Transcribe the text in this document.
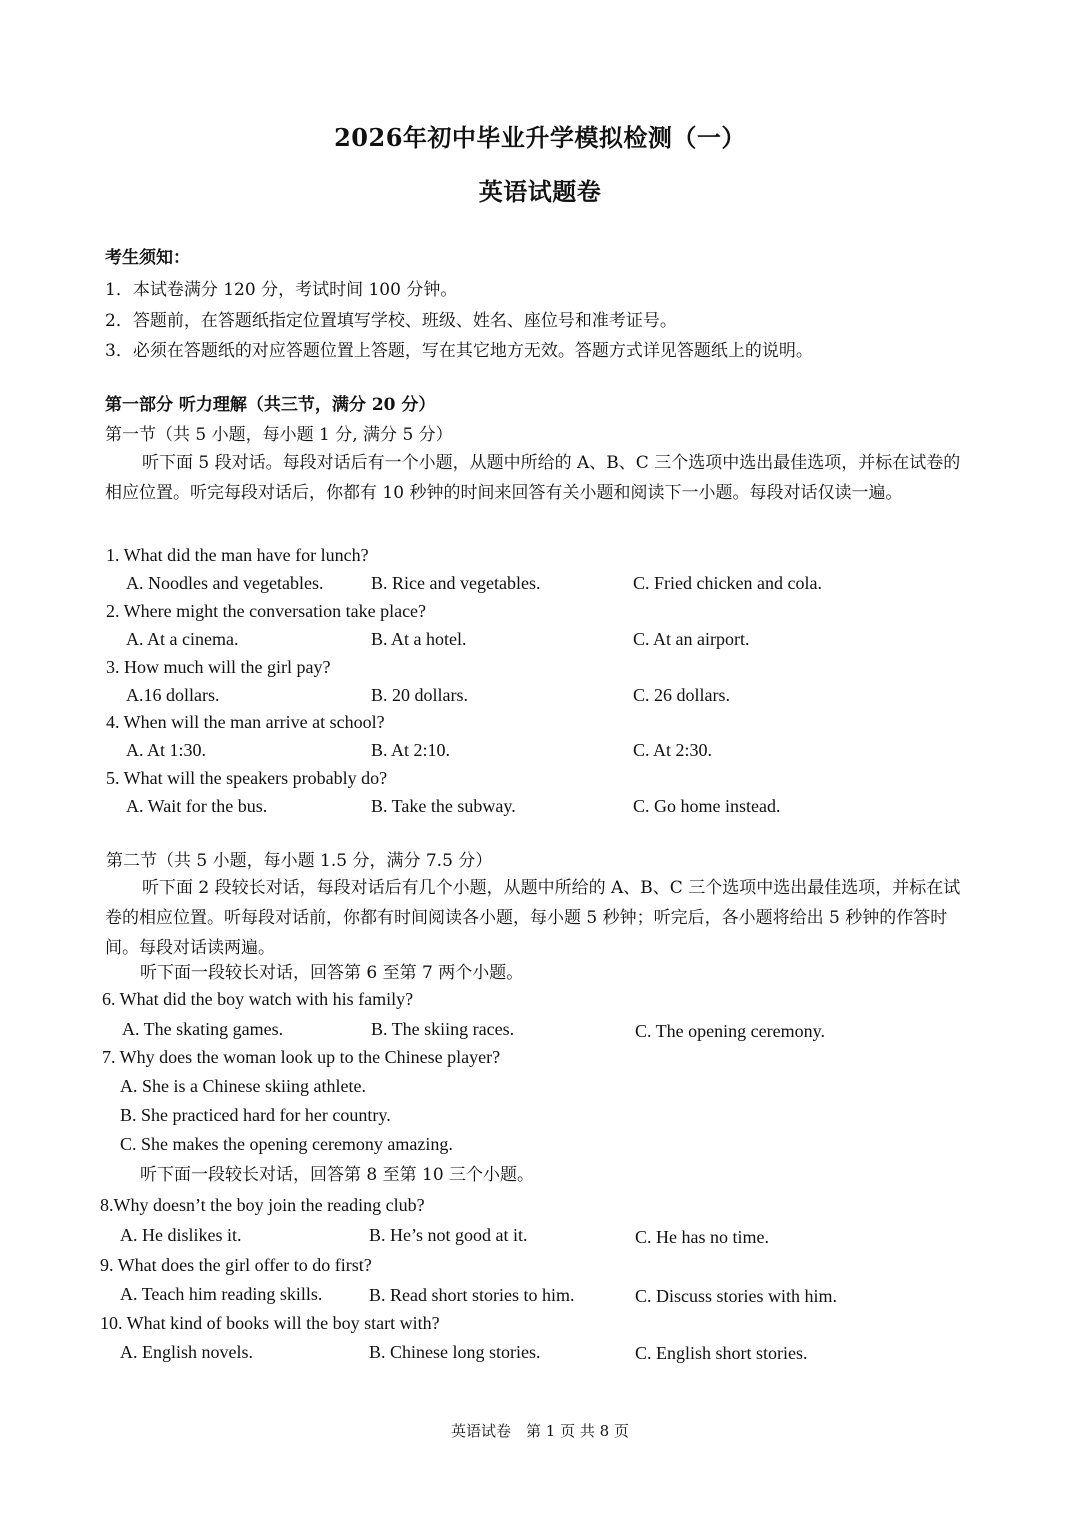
2026年初中毕业升学模拟检测（一）
英语试题卷
考生须知：
1．本试卷满分 120 分，考试时间 100 分钟。
2．答题前，在答题纸指定位置填写学校、班级、姓名、座位号和准考证号。
3．必须在答题纸的对应答题位置上答题，写在其它地方无效。答题方式详见答题纸上的说明。
第一部分 听力理解（共三节，满分 20 分）
第一节（共 5 小题，每小题 1 分, 满分 5 分）
听下面 5 段对话。每段对话后有一个小题，从题中所给的 A、B、C 三个选项中选出最佳选项，并标在试卷的相应位置。听完每段对话后，你都有 10 秒钟的时间来回答有关小题和阅读下一小题。每段对话仅读一遍。
1. What did the man have for lunch?
A. Noodles and vegetables.	B. Rice and vegetables.	C. Fried chicken and cola.
2. Where might the conversation take place?
A. At a cinema.	B. At a hotel.	C. At an airport.
3. How much will the girl pay?
A.16 dollars.	B. 20 dollars.	C. 26 dollars.
4. When will the man arrive at school?
A. At 1:30.	B. At 2:10.	C. At 2:30.
5. What will the speakers probably do?
A. Wait for the bus.	B. Take the subway.	C. Go home instead.
第二节（共 5 小题，每小题 1.5 分，满分 7.5 分）
听下面 2 段较长对话，每段对话后有几个小题，从题中所给的 A、B、C 三个选项中选出最佳选项，并标在试卷的相应位置。听每段对话前，你都有时间阅读各小题，每小题 5 秒钟；听完后，各小题将给出 5 秒钟的作答时间。每段对话读两遍。
听下面一段较长对话，回答第 6 至第 7 两个小题。
6. What did the boy watch with his family?
A. The skating games.	B. The skiing races.	C. The opening ceremony.
7. Why does the woman look up to the Chinese player?
A. She is a Chinese skiing athlete.
B. She practiced hard for her country.
C. She makes the opening ceremony amazing.
听下面一段较长对话，回答第 8 至第 10 三个小题。
8.Why doesn’t the boy join the reading club?
A. He dislikes it.	B. He’s not good at it.	C. He has no time.
9. What does the girl offer to do first?
A. Teach him reading skills.	B. Read short stories to him.	C. Discuss stories with him.
10. What kind of books will the boy start with?
A. English novels.	B. Chinese long stories.	C. English short stories.
英语试卷　第 1 页 共 8 页
